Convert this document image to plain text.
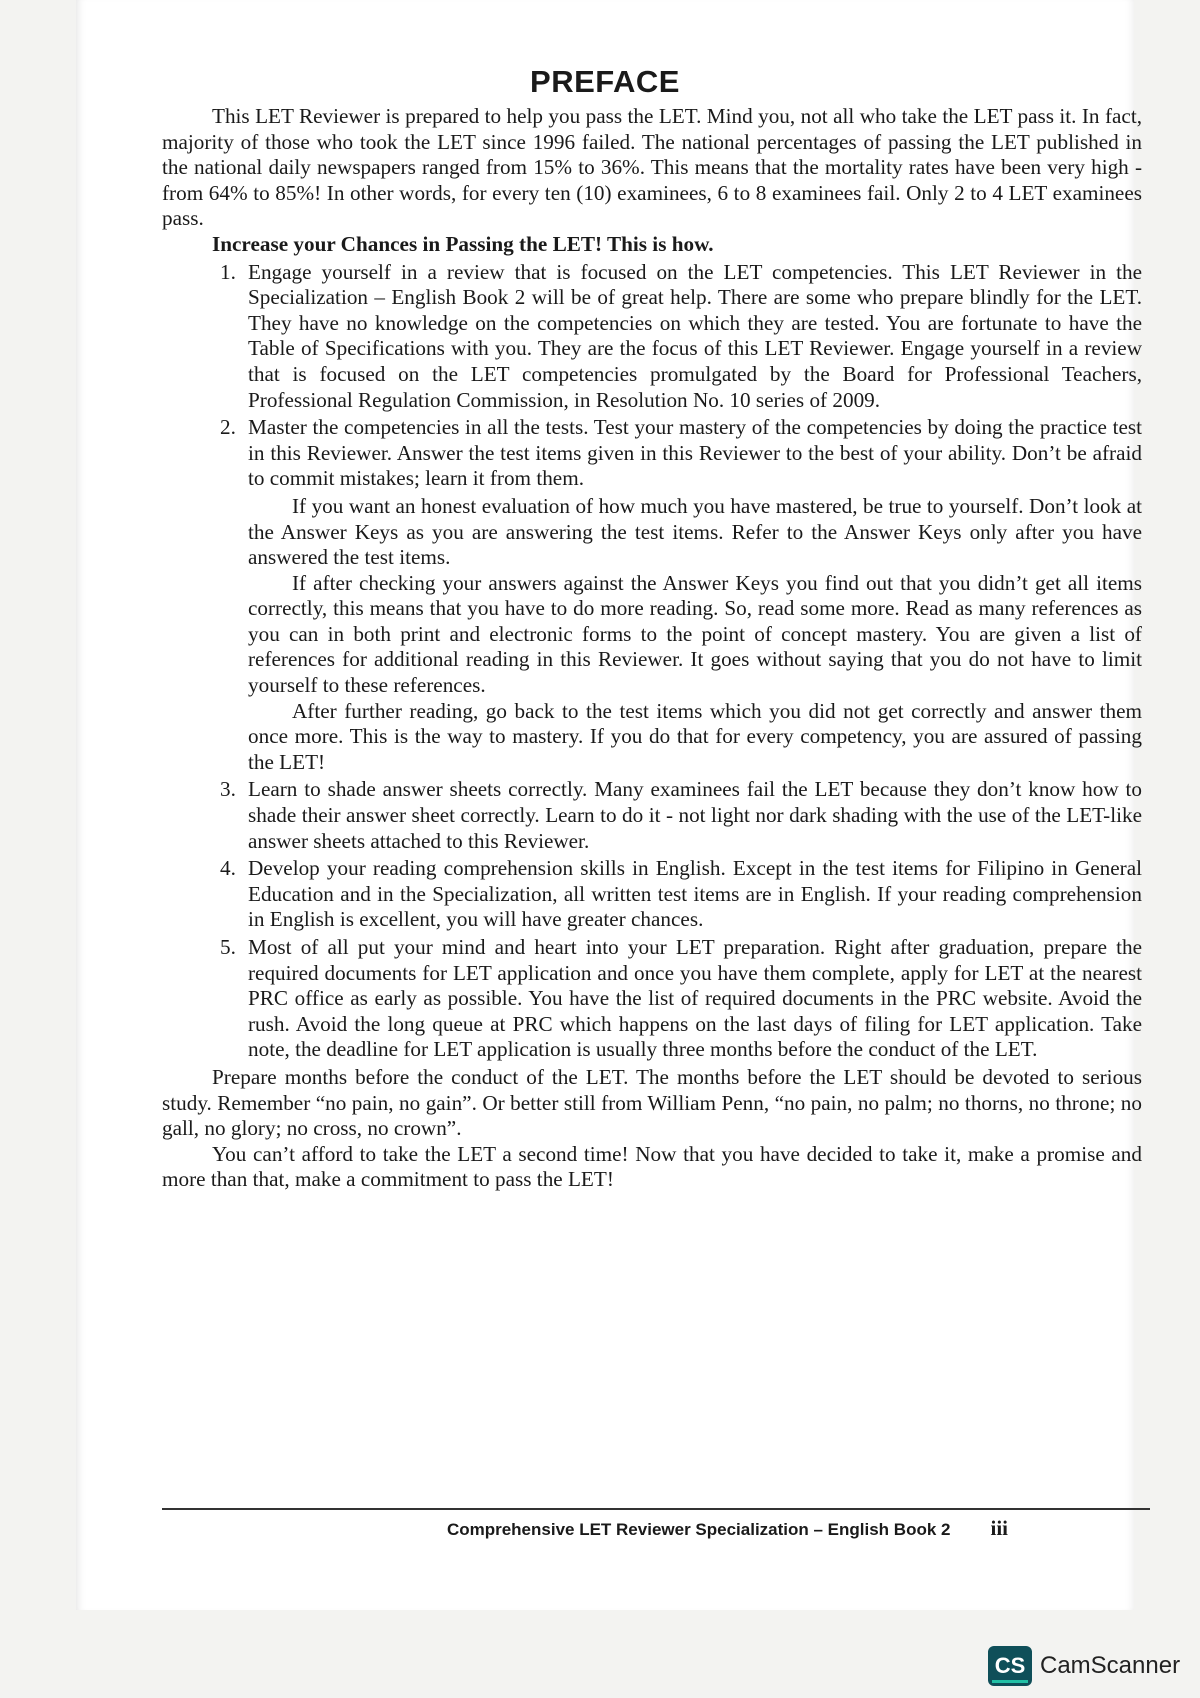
PREFACE

This LET Reviewer is prepared to help you pass the LET. Mind you, not all who take the LET pass it. In fact, majority of those who took the LET since 1996 failed. The national percentages of passing the LET published in the national daily newspapers ranged from 15% to 36%. This means that the mortality rates have been very high - from 64% to 85%! In other words, for every ten (10) examinees, 6 to 8 examinees fail. Only 2 to 4 LET examinees pass.

Increase your Chances in Passing the LET! This is how.

1. Engage yourself in a review that is focused on the LET competencies. This LET Reviewer in the Specialization – English Book 2 will be of great help. There are some who prepare blindly for the LET. They have no knowledge on the competencies on which they are tested. You are fortunate to have the Table of Specifications with you. They are the focus of this LET Reviewer. Engage yourself in a review that is focused on the LET competencies promulgated by the Board for Professional Teachers, Professional Regulation Commission, in Resolution No. 10 series of 2009.
2. Master the competencies in all the tests. Test your mastery of the competencies by doing the practice test in this Reviewer. Answer the test items given in this Reviewer to the best of your ability. Don’t be afraid to commit mistakes; learn it from them.

If you want an honest evaluation of how much you have mastered, be true to yourself. Don’t look at the Answer Keys as you are answering the test items. Refer to the Answer Keys only after you have answered the test items.

If after checking your answers against the Answer Keys you find out that you didn’t get all items correctly, this means that you have to do more reading. So, read some more. Read as many references as you can in both print and electronic forms to the point of concept mastery. You are given a list of references for additional reading in this Reviewer. It goes without saying that you do not have to limit yourself to these references.

After further reading, go back to the test items which you did not get correctly and answer them once more. This is the way to mastery. If you do that for every competency, you are assured of passing the LET!

3. Learn to shade answer sheets correctly. Many examinees fail the LET because they don’t know how to shade their answer sheet correctly. Learn to do it - not light nor dark shading with the use of the LET-like answer sheets attached to this Reviewer.
4. Develop your reading comprehension skills in English. Except in the test items for Filipino in General Education and in the Specialization, all written test items are in English. If your reading comprehension in English is excellent, you will have greater chances.
5. Most of all put your mind and heart into your LET preparation. Right after graduation, prepare the required documents for LET application and once you have them complete, apply for LET at the nearest PRC office as early as possible. You have the list of required documents in the PRC website. Avoid the rush. Avoid the long queue at PRC which happens on the last days of filing for LET application. Take note, the deadline for LET application is usually three months before the conduct of the LET.

Prepare months before the conduct of the LET. The months before the LET should be devoted to serious study. Remember “no pain, no gain”. Or better still from William Penn, “no pain, no palm; no thorns, no throne; no gall, no glory; no cross, no crown”.

You can’t afford to take the LET a second time! Now that you have decided to take it, make a promise and more than that, make a commitment to pass the LET!

Comprehensive LET Reviewer Specialization – English Book 2 iii
CS CamScanner
